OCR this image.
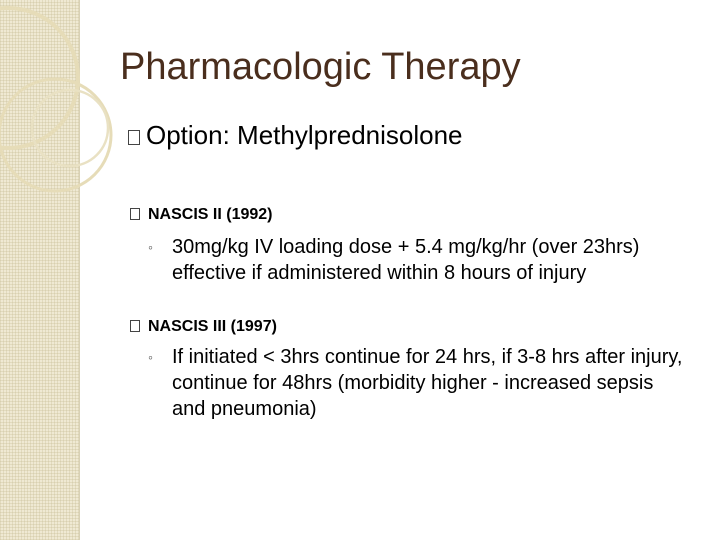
Pharmacologic Therapy
Option: Methylprednisolone
NASCIS II (1992)
◦ 30mg/kg IV loading dose + 5.4 mg/kg/hr (over 23hrs) effective if administered within 8 hours of injury
NASCIS III (1997)
◦ If initiated < 3hrs continue for 24 hrs, if 3-8 hrs after injury, continue for 48hrs (morbidity higher - increased sepsis and pneumonia)
